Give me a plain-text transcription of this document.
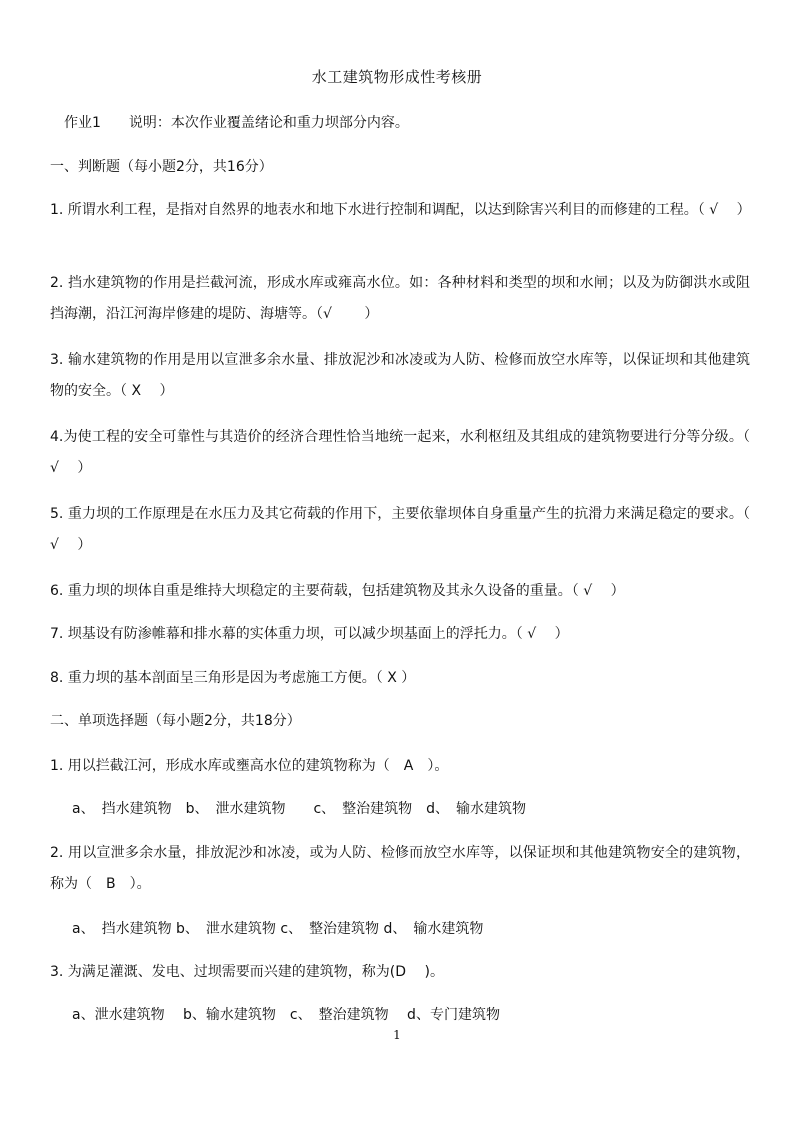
水工建筑物形成性考核册
作业1　　说明：本次作业覆盖绪论和重力坝部分内容。
一、判断题（每小题2分，共16分）
1. 所谓水利工程，是指对自然界的地表水和地下水进行控制和调配，以达到除害兴利目的而修建的工程。（ √　 ）
2. 挡水建筑物的作用是拦截河流，形成水库或雍高水位。如：各种材料和类型的坝和水闸；以及为防御洪水或阻挡海潮，沿江河海岸修建的堤防、海塘等。（√　　 ）
3. 输水建筑物的作用是用以宣泄多余水量、排放泥沙和冰凌或为人防、检修而放空水库等，以保证坝和其他建筑物的安全。（ X　 ）
4.为使工程的安全可靠性与其造价的经济合理性恰当地统一起来，水利枢纽及其组成的建筑物要进行分等分级。（ √　 ）
5. 重力坝的工作原理是在水压力及其它荷载的作用下，主要依靠坝体自身重量产生的抗滑力来满足稳定的要求。（ √　 ）
6. 重力坝的坝体自重是维持大坝稳定的主要荷载，包括建筑物及其永久设备的重量。（ √　 ）
7. 坝基设有防渗帷幕和排水幕的实体重力坝，可以减少坝基面上的浮托力。（ √　 ）
8. 重力坝的基本剖面呈三角形是因为考虑施工方便。（ X ）
二、单项选择题（每小题2分，共18分）
1. 用以拦截江河，形成水库或壅高水位的建筑物称为（　A　）。
a、　挡水建筑物　b、　泄水建筑物　　c、　整治建筑物　d、　输水建筑物
2. 用以宣泄多余水量，排放泥沙和冰凌，或为人防、检修而放空水库等，以保证坝和其他建筑物安全的建筑物，称为（　B　）。
a、　挡水建筑物 b、　泄水建筑物 c、　整治建筑物 d、　输水建筑物
3. 为满足灌溉、发电、过坝需要而兴建的建筑物，称为(D　 )。
a、泄水建筑物　 b、输水建筑物　c、　整治建筑物　 d、专门建筑物
1
